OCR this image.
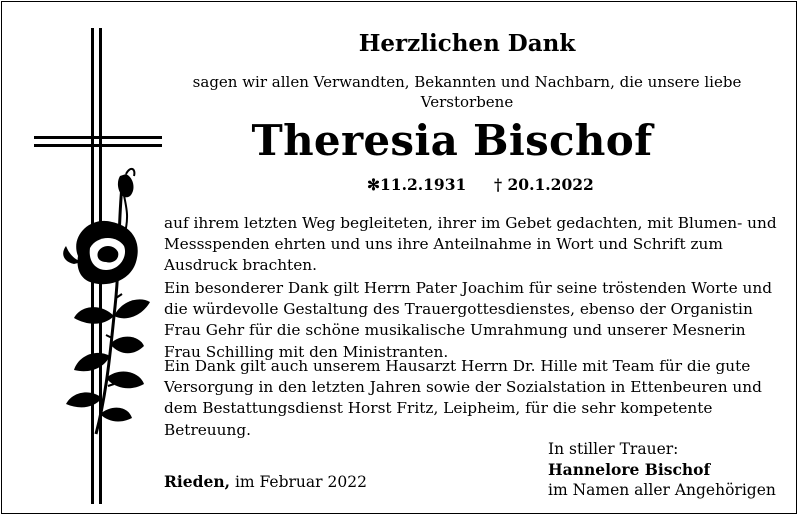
Herzlichen Dank
sagen wir allen Verwandten, Bekannten und Nachbarn, die unsere liebe
Verstorbene
Theresia Bischof
✻11.2.1931 † 20.1.2022

auf ihrem letzten Weg begleiteten, ihrer im Gebet gedachten, mit Blumen- und Messspenden ehrten und uns ihre Anteilnahme in Wort und Schrift zum Ausdruck brachten.

Ein besonderer Dank gilt Herrn Pater Joachim für seine tröstenden Worte und die würdevolle Gestaltung des Trauergottesdienstes, ebenso der Organistin Frau Gehr für die schöne musikalische Umrahmung und unserer Mesnerin Frau Schilling mit den Ministranten.

Ein Dank gilt auch unserem Hausarzt Herrn Dr. Hille mit Team für die gute Versorgung in den letzten Jahren sowie der Sozialstation in Ettenbeuren und dem Bestattungsdienst Horst Fritz, Leipheim, für die sehr kompetente Betreuung.

Rieden, im Februar 2022
In stiller Trauer:
Hannelore Bischof
im Namen aller Angehörigen
